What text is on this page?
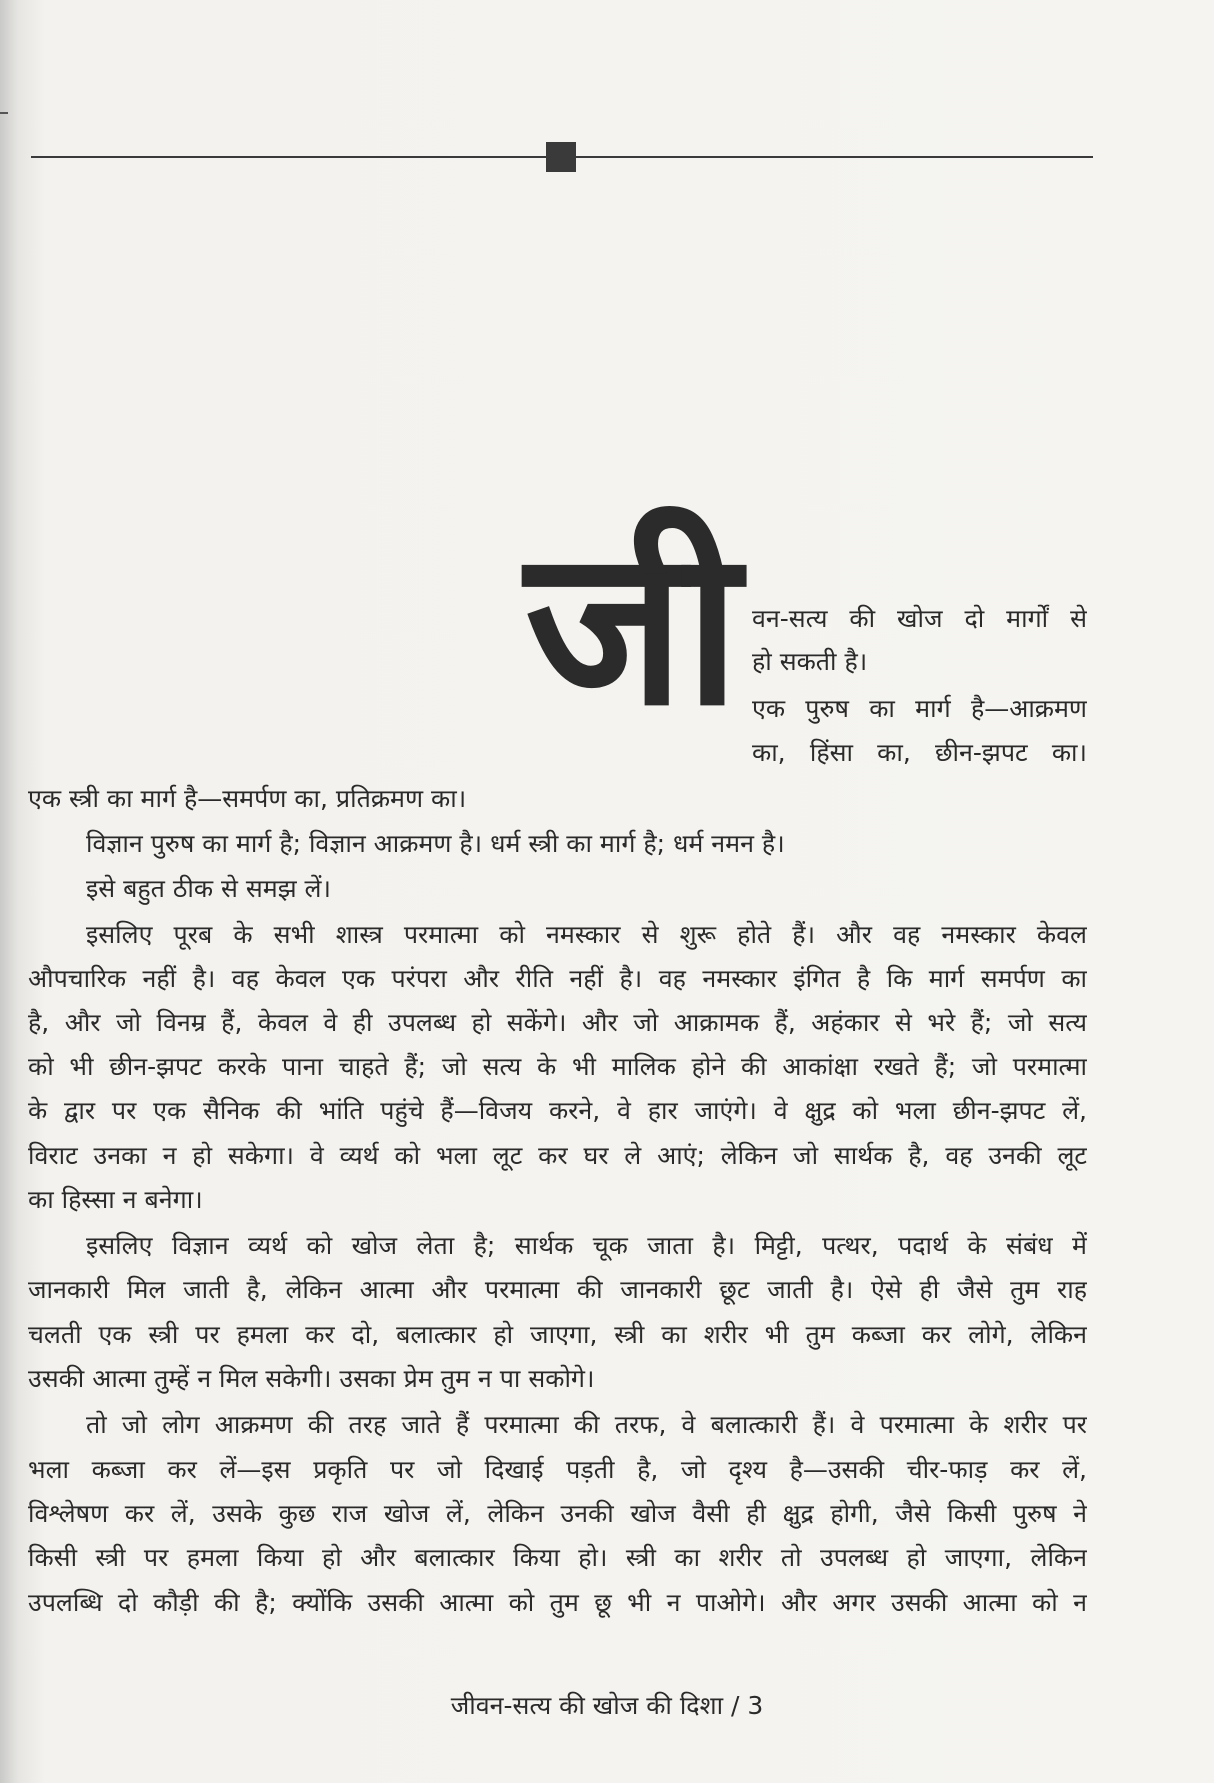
जी वन-सत्य की खोज दो मार्गों से
हो सकती है।
एक पुरुष का मार्ग है—आक्रमण
का, हिंसा का, छीन-झपट का।
एक स्त्री का मार्ग है—समर्पण का, प्रतिक्रमण का।
विज्ञान पुरुष का मार्ग है; विज्ञान आक्रमण है। धर्म स्त्री का मार्ग है; धर्म नमन है।
इसे बहुत ठीक से समझ लें।
इसलिए पूरब के सभी शास्त्र परमात्मा को नमस्कार से शुरू होते हैं। और वह नमस्कार केवल
औपचारिक नहीं है। वह केवल एक परंपरा और रीति नहीं है। वह नमस्कार इंगित है कि मार्ग समर्पण का
है, और जो विनम्र हैं, केवल वे ही उपलब्ध हो सकेंगे। और जो आक्रामक हैं, अहंकार से भरे हैं; जो सत्य
को भी छीन-झपट करके पाना चाहते हैं; जो सत्य के भी मालिक होने की आकांक्षा रखते हैं; जो परमात्मा
के द्वार पर एक सैनिक की भांति पहुंचे हैं—विजय करने, वे हार जाएंगे। वे क्षुद्र को भला छीन-झपट लें,
विराट उनका न हो सकेगा। वे व्यर्थ को भला लूट कर घर ले आएं; लेकिन जो सार्थक है, वह उनकी लूट
का हिस्सा न बनेगा।
इसलिए विज्ञान व्यर्थ को खोज लेता है; सार्थक चूक जाता है। मिट्टी, पत्थर, पदार्थ के संबंध में
जानकारी मिल जाती है, लेकिन आत्मा और परमात्मा की जानकारी छूट जाती है। ऐसे ही जैसे तुम राह
चलती एक स्त्री पर हमला कर दो, बलात्कार हो जाएगा, स्त्री का शरीर भी तुम कब्जा कर लोगे, लेकिन
उसकी आत्मा तुम्हें न मिल सकेगी। उसका प्रेम तुम न पा सकोगे।
तो जो लोग आक्रमण की तरह जाते हैं परमात्मा की तरफ, वे बलात्कारी हैं। वे परमात्मा के शरीर पर
भला कब्जा कर लें—इस प्रकृति पर जो दिखाई पड़ती है, जो दृश्य है—उसकी चीर-फाड़ कर लें,
विश्लेषण कर लें, उसके कुछ राज खोज लें, लेकिन उनकी खोज वैसी ही क्षुद्र होगी, जैसे किसी पुरुष ने
किसी स्त्री पर हमला किया हो और बलात्कार किया हो। स्त्री का शरीर तो उपलब्ध हो जाएगा, लेकिन
उपलब्धि दो कौड़ी की है; क्योंकि उसकी आत्मा को तुम छू भी न पाओगे। और अगर उसकी आत्मा को न
जीवन-सत्य की खोज की दिशा / 3
